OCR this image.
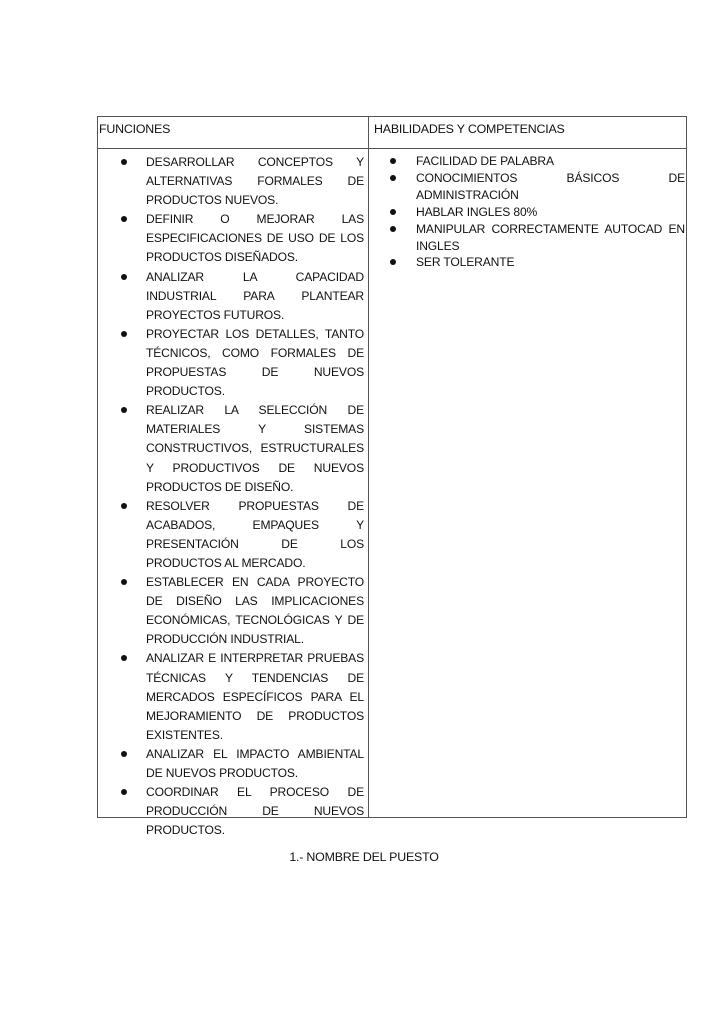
FUNCIONES	HABILIDADES Y COMPETENCIAS
DESARROLLAR CONCEPTOS Y ALTERNATIVAS FORMALES DE PRODUCTOS NUEVOS.
DEFINIR O MEJORAR LAS ESPECIFICACIONES DE USO DE LOS PRODUCTOS DISEÑADOS.
ANALIZAR LA CAPACIDAD INDUSTRIAL PARA PLANTEAR PROYECTOS FUTUROS.
PROYECTAR LOS DETALLES, TANTO TÉCNICOS, COMO FORMALES DE PROPUESTAS DE NUEVOS PRODUCTOS.
REALIZAR LA SELECCIÓN DE MATERIALES Y SISTEMAS CONSTRUCTIVOS, ESTRUCTURALES Y PRODUCTIVOS DE NUEVOS PRODUCTOS DE DISEÑO.
RESOLVER PROPUESTAS DE ACABADOS, EMPAQUES Y PRESENTACIÓN DE LOS PRODUCTOS AL MERCADO.
ESTABLECER EN CADA PROYECTO DE DISEÑO LAS IMPLICACIONES ECONÓMICAS, TECNOLÓGICAS Y DE PRODUCCIÓN INDUSTRIAL.
ANALIZAR E INTERPRETAR PRUEBAS TÉCNICAS Y TENDENCIAS DE MERCADOS ESPECÍFICOS PARA EL MEJORAMIENTO DE PRODUCTOS EXISTENTES.
ANALIZAR EL IMPACTO AMBIENTAL DE NUEVOS PRODUCTOS.
COORDINAR EL PROCESO DE PRODUCCIÓN DE NUEVOS PRODUCTOS.
FACILIDAD DE PALABRA
CONOCIMIENTOS BÁSICOS DE ADMINISTRACIÓN
HABLAR INGLES 80%
MANIPULAR CORRECTAMENTE AUTOCAD EN INGLES
SER TOLERANTE
1.- NOMBRE DEL PUESTO
